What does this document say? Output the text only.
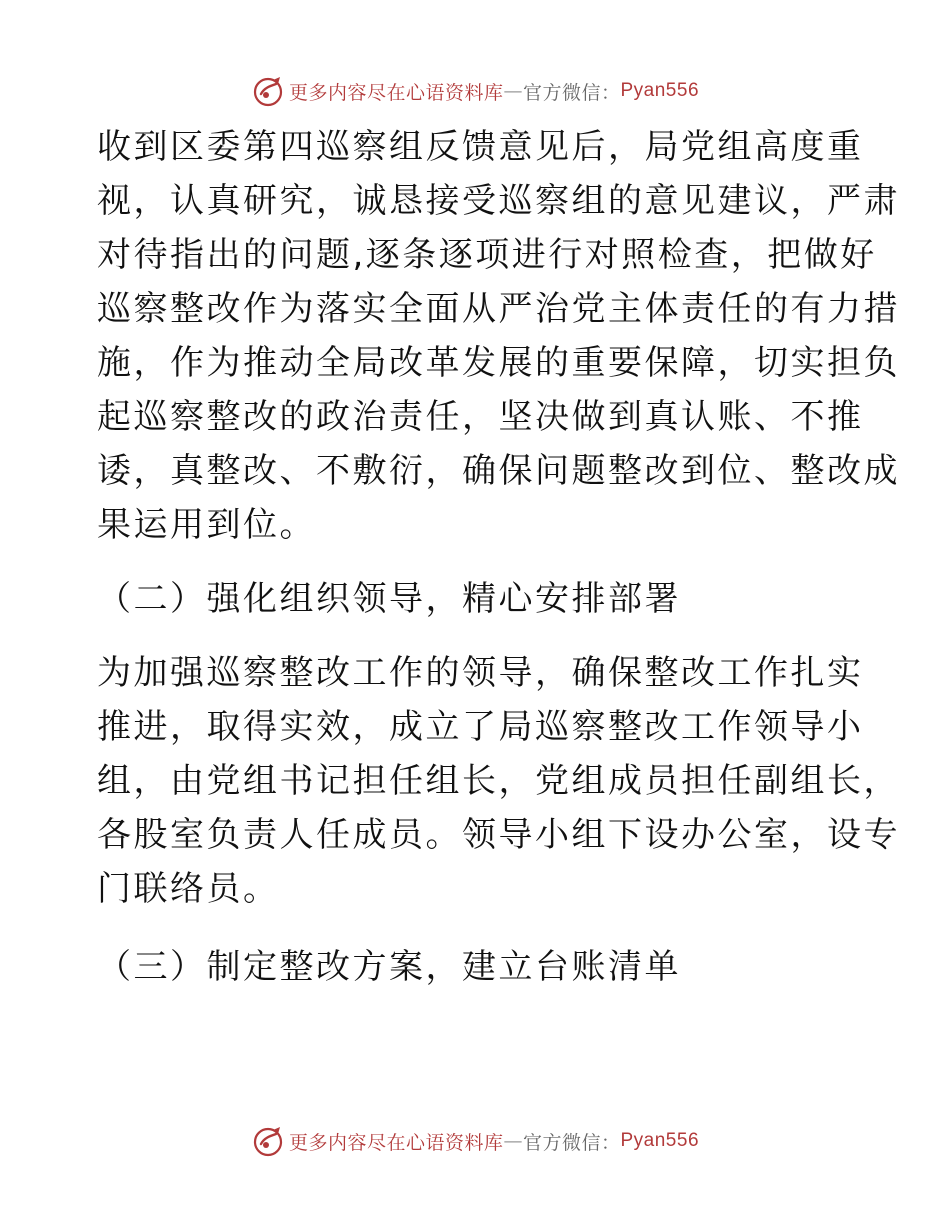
更多内容尽在心语资料库 — 官方微信： Pyan556
收到区委第四巡察组反馈意见后，局党组高度重
视，认真研究，诚恳接受巡察组的意见建议，严肃
对待指出的问题,逐条逐项进行对照检查，把做好
巡察整改作为落实全面从严治党主体责任的有力措
施，作为推动全局改革发展的重要保障，切实担负
起巡察整改的政治责任，坚决做到真认账、不推
诿，真整改、不敷衍，确保问题整改到位、整改成
果运用到位。
（二）强化组织领导，精心安排部署
为加强巡察整改工作的领导，确保整改工作扎实
推进，取得实效，成立了局巡察整改工作领导小
组，由党组书记担任组长，党组成员担任副组长，
各股室负责人任成员。领导小组下设办公室，设专
门联络员。
（三）制定整改方案，建立台账清单
更多内容尽在心语资料库 — 官方微信： Pyan556
